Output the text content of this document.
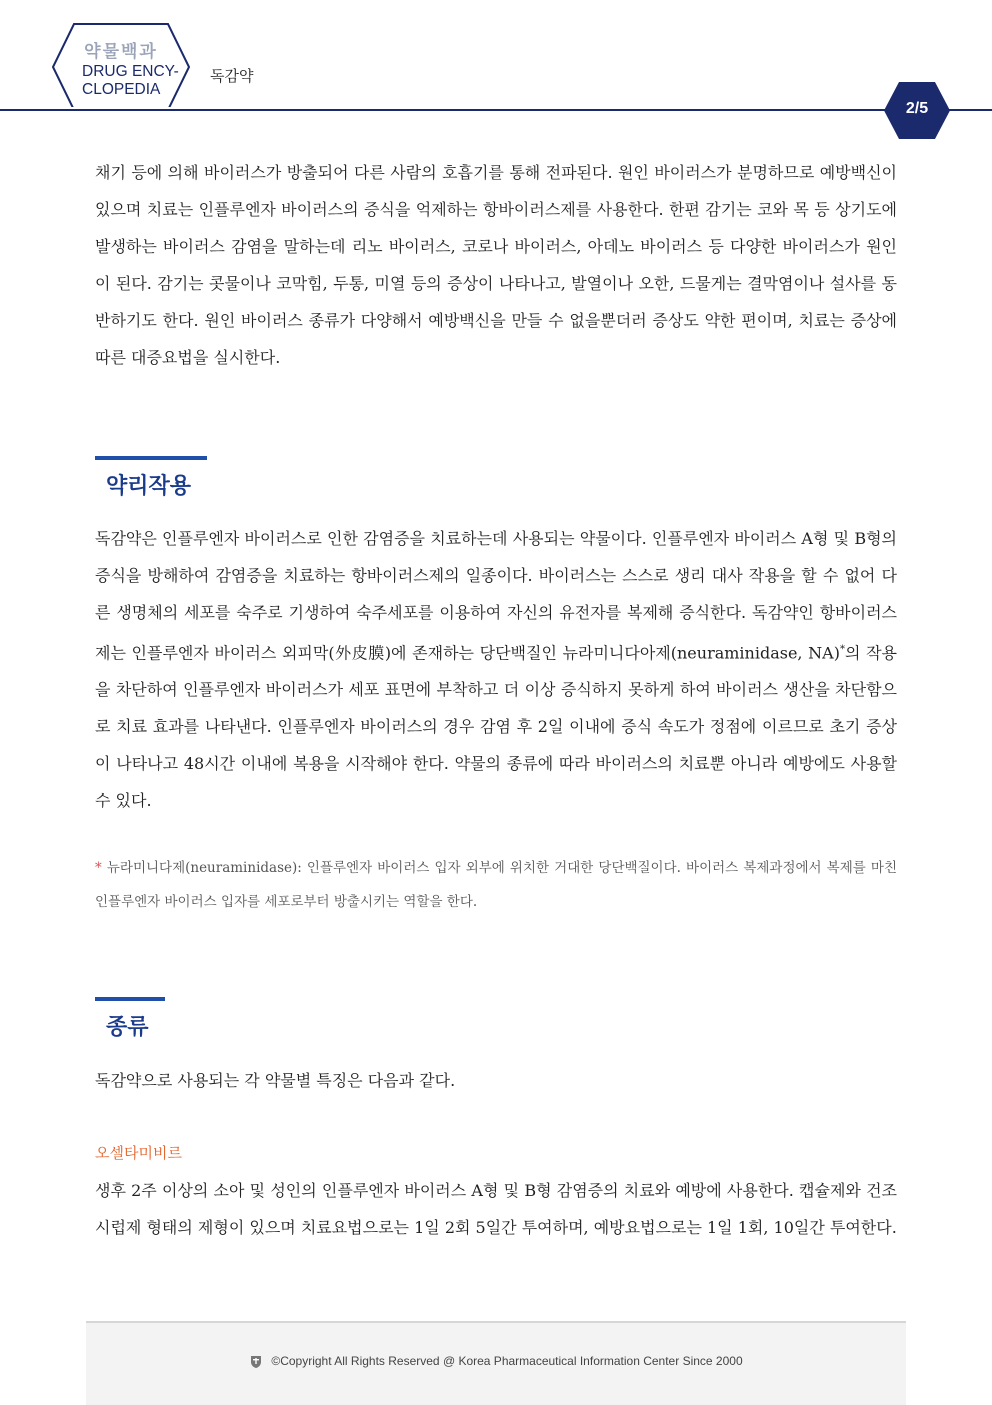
약물백과
DRUG ENCY-
CLOPEDIA
독감약
2/5
채기 등에 의해 바이러스가 방출되어 다른 사람의 호흡기를 통해 전파된다. 원인 바이러스가 분명하므로 예방백신이 있으며 치료는 인플루엔자 바이러스의 증식을 억제하는 항바이러스제를 사용한다. 한편 감기는 코와 목 등 상기도에 발생하는 바이러스 감염을 말하는데 리노 바이러스, 코로나 바이러스, 아데노 바이러스 등 다양한 바이러스가 원인이 된다. 감기는 콧물이나 코막힘, 두통, 미열 등의 증상이 나타나고, 발열이나 오한, 드물게는 결막염이나 설사를 동반하기도 한다. 원인 바이러스 종류가 다양해서 예방백신을 만들 수 없을뿐더러 증상도 약한 편이며, 치료는 증상에 따른 대증요법을 실시한다.
약리작용
독감약은 인플루엔자 바이러스로 인한 감염증을 치료하는데 사용되는 약물이다. 인플루엔자 바이러스 A형 및 B형의 증식을 방해하여 감염증을 치료하는 항바이러스제의 일종이다. 바이러스는 스스로 생리 대사 작용을 할 수 없어 다른 생명체의 세포를 숙주로 기생하여 숙주세포를 이용하여 자신의 유전자를 복제해 증식한다. 독감약인 항바이러스제는 인플루엔자 바이러스 외피막(外皮膜)에 존재하는 당단백질인 뉴라미니다아제(neuraminidase, NA)*의 작용을 차단하여 인플루엔자 바이러스가 세포 표면에 부착하고 더 이상 증식하지 못하게 하여 바이러스 생산을 차단함으로 치료 효과를 나타낸다. 인플루엔자 바이러스의 경우 감염 후 2일 이내에 증식 속도가 정점에 이르므로 초기 증상이 나타나고 48시간 이내에 복용을 시작해야 한다. 약물의 종류에 따라 바이러스의 치료뿐 아니라 예방에도 사용할 수 있다.
* 뉴라미니다제(neuraminidase): 인플루엔자 바이러스 입자 외부에 위치한 거대한 당단백질이다. 바이러스 복제과정에서 복제를 마친 인플루엔자 바이러스 입자를 세포로부터 방출시키는 역할을 한다.
종류
독감약으로 사용되는 각 약물별 특징은 다음과 같다.
오셀타미비르
생후 2주 이상의 소아 및 성인의 인플루엔자 바이러스 A형 및 B형 감염증의 치료와 예방에 사용한다. 캡슐제와 건조시럽제 형태의 제형이 있으며 치료요법으로는 1일 2회 5일간 투여하며, 예방요법으로는 1일 1회, 10일간 투여한다.
©Copyright All Rights Reserved @ Korea Pharmaceutical Information Center Since 2000
